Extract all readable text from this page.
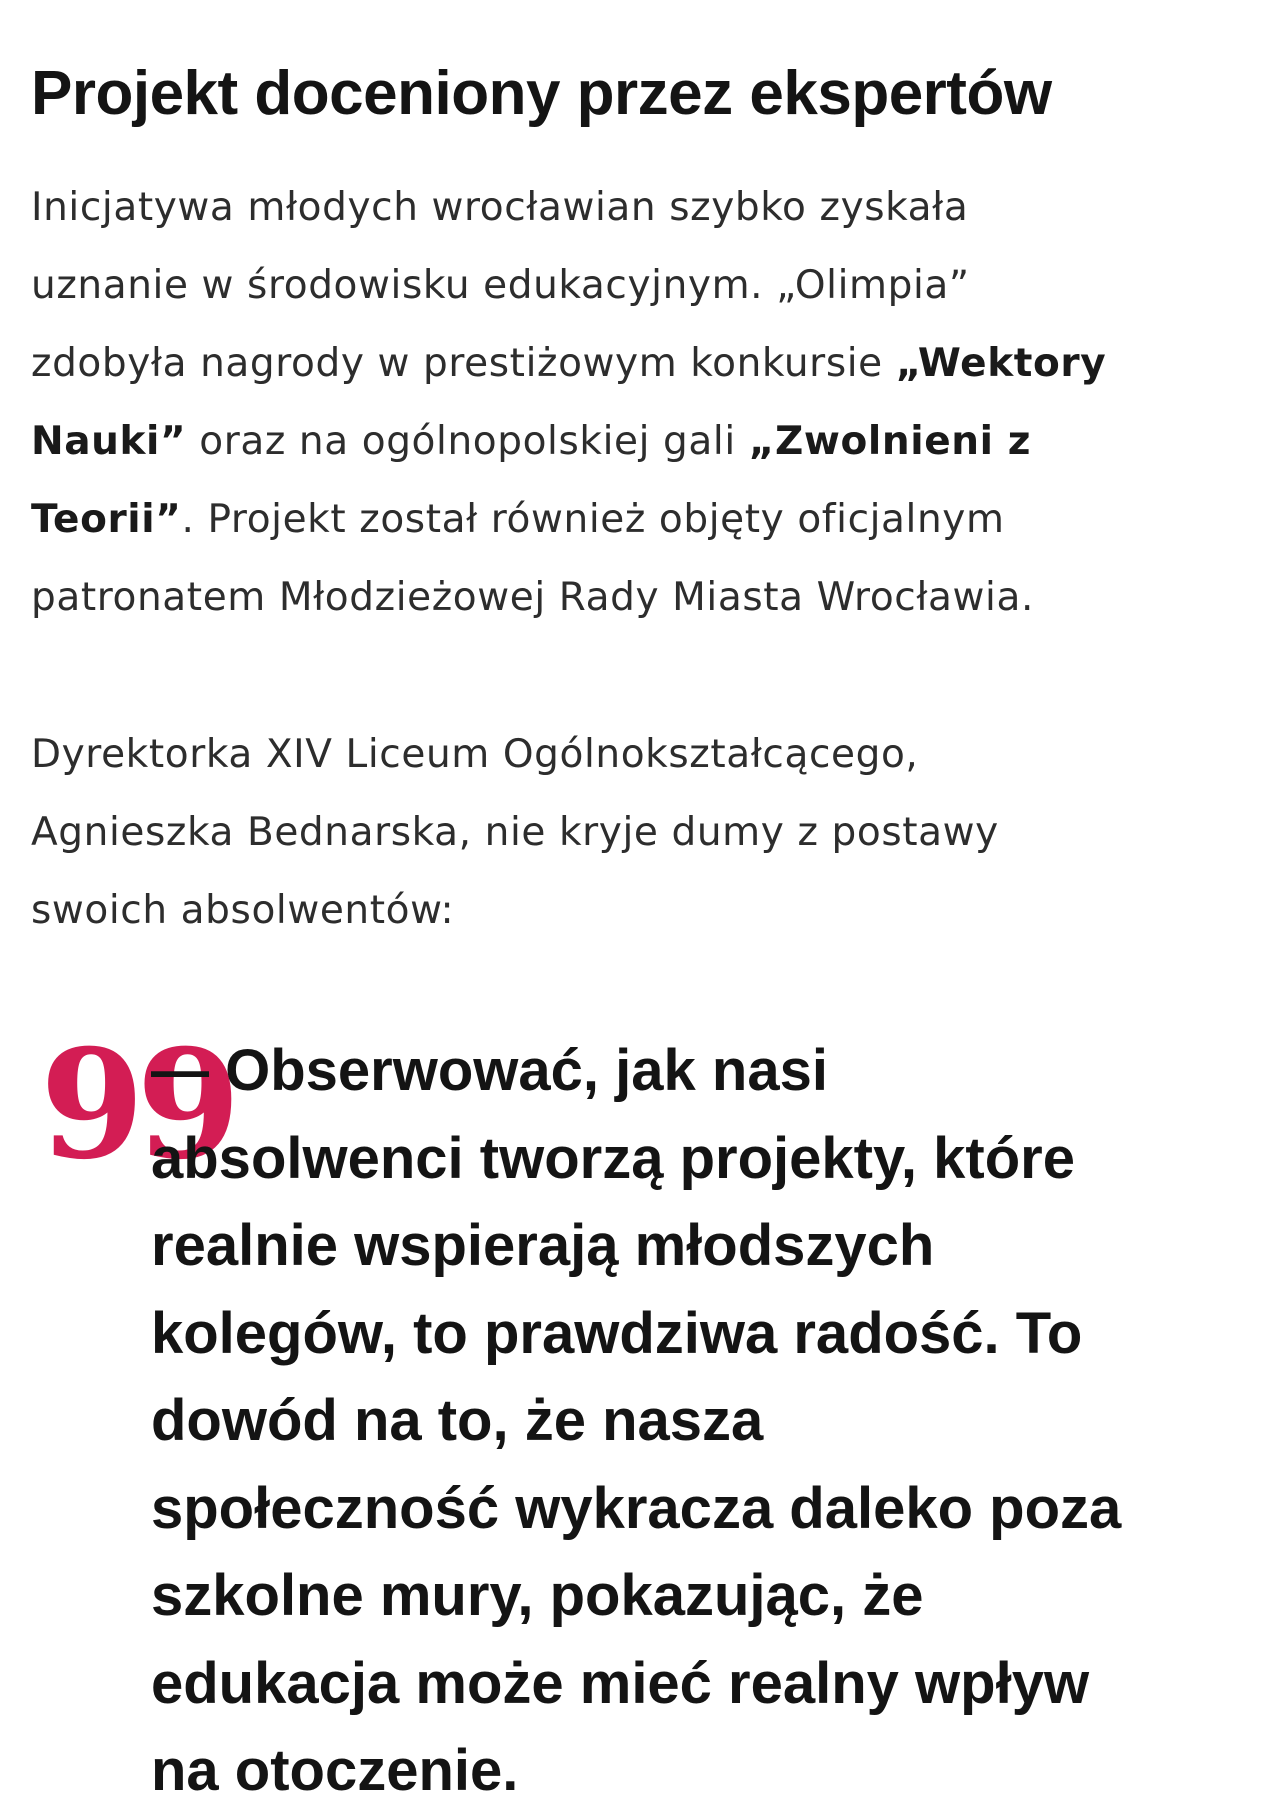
Projekt doceniony przez ekspertów

Inicjatywa młodych wrocławian szybko zyskała
uznanie w środowisku edukacyjnym. „Olimpia”
zdobyła nagrody w prestiżowym konkursie „Wektory
Nauki” oraz na ogólnopolskiej gali „Zwolnieni z
Teorii”. Projekt został również objęty oficjalnym
patronatem Młodzieżowej Rady Miasta Wrocławia.

Dyrektorka XIV Liceum Ogólnokształcącego,
Agnieszka Bednarska, nie kryje dumy z postawy
swoich absolwentów:

99
— Obserwować, jak nasi
absolwenci tworzą projekty, które
realnie wspierają młodszych
kolegów, to prawdziwa radość. To
dowód na to, że nasza
społeczność wykracza daleko poza
szkolne mury, pokazując, że
edukacja może mieć realny wpływ
na otoczenie.
